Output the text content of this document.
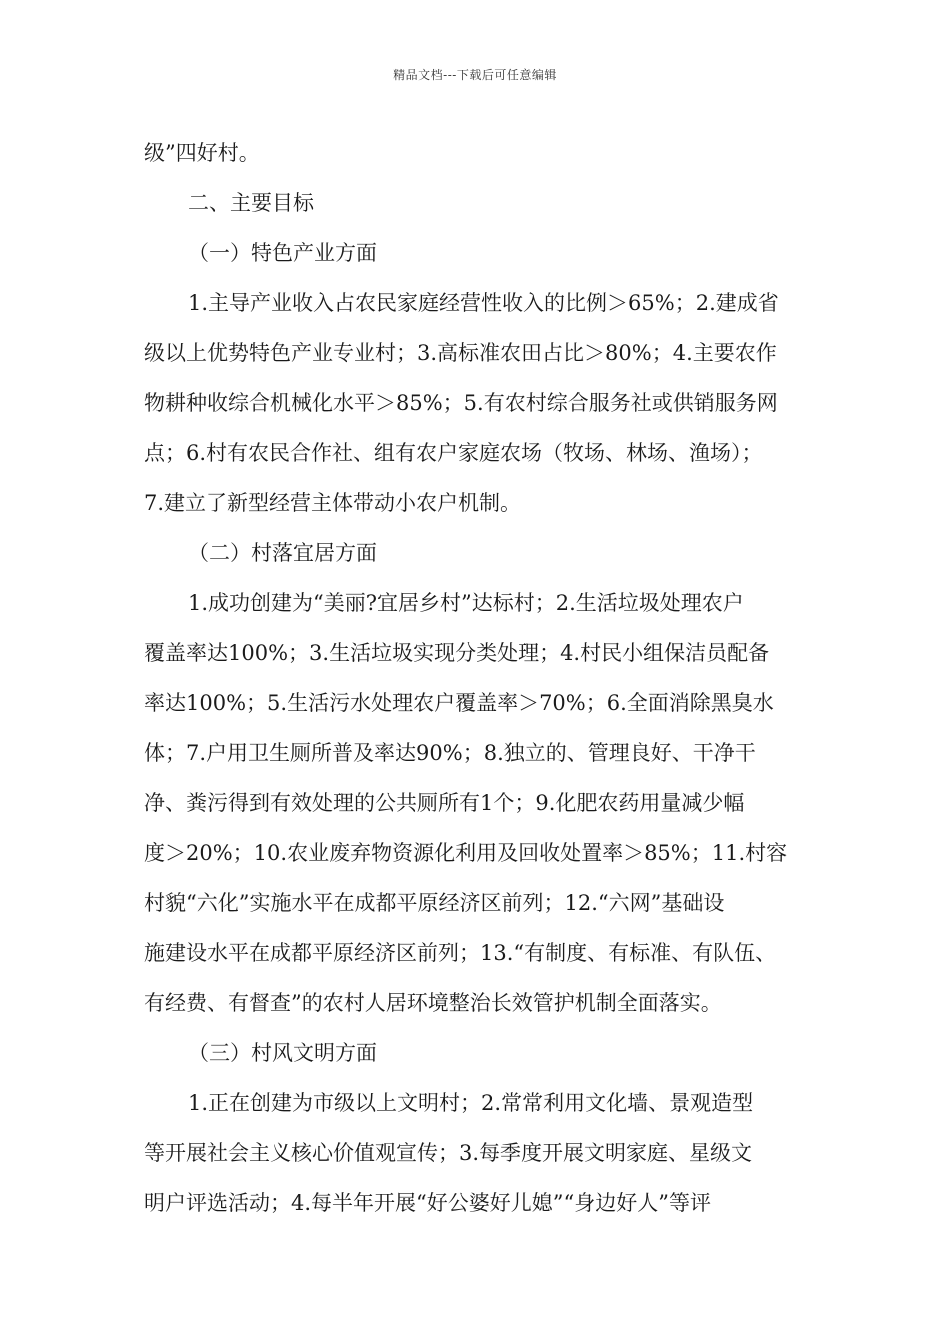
精品文档---下载后可任意编辑
级”四好村。
二、主要目标
（一）特色产业方面
1.主导产业收入占农民家庭经营性收入的比例＞65%；2.建成省
级以上优势特色产业专业村；3.高标准农田占比＞80%；4.主要农作
物耕种收综合机械化水平＞85%；5.有农村综合服务社或供销服务网
点；6.村有农民合作社、组有农户家庭农场（牧场、林场、渔场）；
7.建立了新型经营主体带动小农户机制。
（二）村落宜居方面
1.成功创建为“美丽?宜居乡村”达标村；2.生活垃圾处理农户
覆盖率达100%；3.生活垃圾实现分类处理；4.村民小组保洁员配备
率达100%；5.生活污水处理农户覆盖率＞70%；6.全面消除黑臭水
体；7.户用卫生厕所普及率达90%；8.独立的、管理良好、干净干
净、粪污得到有效处理的公共厕所有1个；9.化肥农药用量减少幅
度＞20%；10.农业废弃物资源化利用及回收处置率＞85%；11.村容
村貌“六化”实施水平在成都平原经济区前列；12.“六网”基础设
施建设水平在成都平原经济区前列；13.“有制度、有标准、有队伍、
有经费、有督查”的农村人居环境整治长效管护机制全面落实。
（三）村风文明方面
1.正在创建为市级以上文明村；2.常常利用文化墙、景观造型
等开展社会主义核心价值观宣传；3.每季度开展文明家庭、星级文
明户评选活动；4.每半年开展“好公婆好儿媳”“身边好人”等评
